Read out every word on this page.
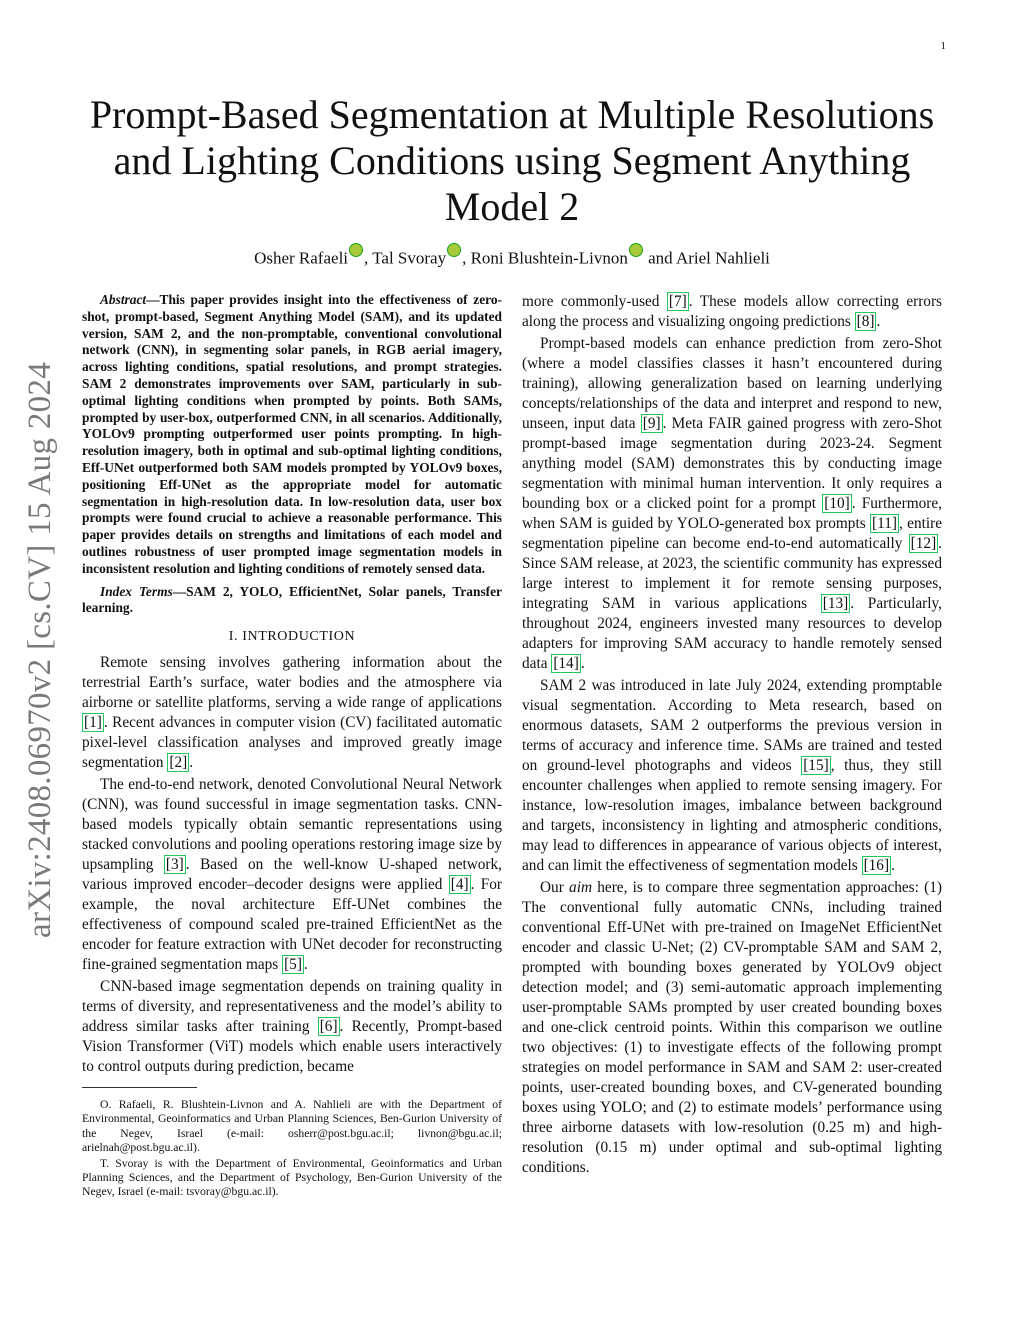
1
arXiv:2408.06970v2 [cs.CV] 15 Aug 2024
Prompt-Based Segmentation at Multiple Resolutions and Lighting Conditions using Segment Anything Model 2
Osher Rafaeli , Tal Svoray , Roni Blushtein-Livnon and Ariel Nahlieli

Abstract—This paper provides insight into the effectiveness of zero-shot, prompt-based, Segment Anything Model (SAM), and its updated version, SAM 2, and the non-promptable, conventional convolutional network (CNN), in segmenting solar panels, in RGB aerial imagery, across lighting conditions, spatial resolutions, and prompt strategies. SAM 2 demonstrates improvements over SAM, particularly in sub-optimal lighting conditions when prompted by points. Both SAMs, prompted by user-box, outperformed CNN, in all scenarios. Additionally, YOLOv9 prompting outperformed user points prompting. In high-resolution imagery, both in optimal and sub-optimal lighting conditions, Eff-UNet outperformed both SAM models prompted by YOLOv9 boxes, positioning Eff-UNet as the appropriate model for automatic segmentation in high-resolution data. In low-resolution data, user box prompts were found crucial to achieve a reasonable performance. This paper provides details on strengths and limitations of each model and outlines robustness of user prompted image segmentation models in inconsistent resolution and lighting conditions of remotely sensed data.

Index Terms—SAM 2, YOLO, EfficientNet, Solar panels, Transfer learning.

I. INTRODUCTION

Remote sensing involves gathering information about the terrestrial Earth’s surface, water bodies and the atmosphere via airborne or satellite platforms, serving a wide range of applications [1] . Recent advances in computer vision (CV) facilitated automatic pixel-level classification analyses and improved greatly image segmentation [2] .

The end-to-end network, denoted Convolutional Neural Network (CNN), was found successful in image segmentation tasks. CNN-based models typically obtain semantic representations using stacked convolutions and pooling operations restoring image size by upsampling [3] . Based on the well-know U-shaped network, various improved encoder–decoder designs were applied [4] . For example, the noval architecture Eff-UNet combines the effectiveness of compound scaled pre-trained EfficientNet as the encoder for feature extraction with UNet decoder for reconstructing fine-grained segmentation maps [5] .

CNN-based image segmentation depends on training quality in terms of diversity, and representativeness and the model’s ability to address similar tasks after training [6] . Recently, Prompt-based Vision Transformer (ViT) models which enable users interactively to control outputs during prediction, became

O. Rafaeli, R. Blushtein-Livnon and A. Nahlieli are with the Department of Environmental, Geoinformatics and Urban Planning Sciences, Ben-Gurion University of the Negev, Israel (e-mail: osherr@post.bgu.ac.il; livnon@bgu.ac.il; arielnah@post.bgu.ac.il).

T. Svoray is with the Department of Environmental, Geoinformatics and Urban Planning Sciences, and the Department of Psychology, Ben-Gurion University of the Negev, Israel (e-mail: tsvoray@bgu.ac.il).

more commonly-used [7] . These models allow correcting errors along the process and visualizing ongoing predictions [8] .

Prompt-based models can enhance prediction from zero-Shot (where a model classifies classes it hasn’t encountered during training), allowing generalization based on learning underlying concepts/relationships of the data and interpret and respond to new, unseen, input data [9] . Meta FAIR gained progress with zero-Shot prompt-based image segmentation during 2023-24. Segment anything model (SAM) demonstrates this by conducting image segmentation with minimal human intervention. It only requires a bounding box or a clicked point for a prompt [10] . Furthermore, when SAM is guided by YOLO-generated box prompts [11] , entire segmentation pipeline can become end-to-end automatically [12] . Since SAM release, at 2023, the scientific community has expressed large interest to implement it for remote sensing purposes, integrating SAM in various applications [13] . Particularly, throughout 2024, engineers invested many resources to develop adapters for improving SAM accuracy to handle remotely sensed data [14] .

SAM 2 was introduced in late July 2024, extending promptable visual segmentation. According to Meta research, based on enormous datasets, SAM 2 outperforms the previous version in terms of accuracy and inference time. SAMs are trained and tested on ground-level photographs and videos [15] , thus, they still encounter challenges when applied to remote sensing imagery. For instance, low-resolution images, imbalance between background and targets, inconsistency in lighting and atmospheric conditions, may lead to differences in appearance of various objects of interest, and can limit the effectiveness of segmentation models [16] .

Our aim here, is to compare three segmentation approaches: (1) The conventional fully automatic CNNs, including trained conventional Eff-UNet with pre-trained on ImageNet EfficientNet encoder and classic U-Net; (2) CV-promptable SAM and SAM 2, prompted with bounding boxes generated by YOLOv9 object detection model; and (3) semi-automatic approach implementing user-promptable SAMs prompted by user created bounding boxes and one-click centroid points. Within this comparison we outline two objectives: (1) to investigate effects of the following prompt strategies on model performance in SAM and SAM 2: user-created points, user-created bounding boxes, and CV-generated bounding boxes using YOLO; and (2) to estimate models’ performance using three airborne datasets with low-resolution (0.25 m) and high-resolution (0.15 m) under optimal and sub-optimal lighting conditions.
